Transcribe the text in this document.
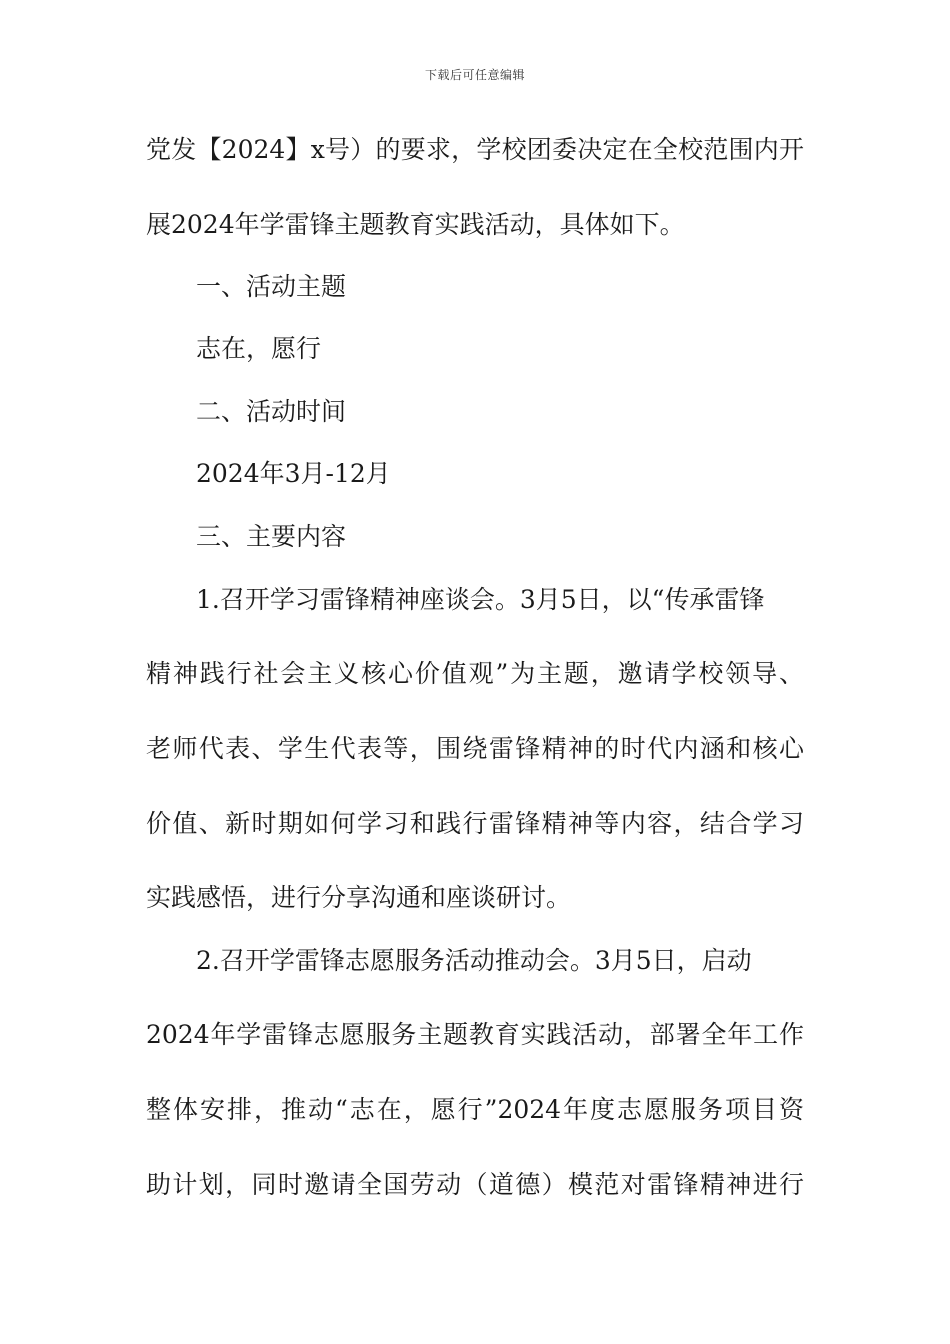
下载后可任意编辑
党发【2024】x号）的要求，学校团委决定在全校范围内开
展2024年学雷锋主题教育实践活动，具体如下。
一、活动主题
志在，愿行
二、活动时间
2024年3月-12月
三、主要内容
1.召开学习雷锋精神座谈会。3月5日，以“传承雷锋
精神践行社会主义核心价值观”为主题，邀请学校领导、
老师代表、学生代表等，围绕雷锋精神的时代内涵和核心
价值、新时期如何学习和践行雷锋精神等内容，结合学习
实践感悟，进行分享沟通和座谈研讨。
2.召开学雷锋志愿服务活动推动会。3月5日，启动
2024年学雷锋志愿服务主题教育实践活动，部署全年工作
整体安排，推动“志在，愿行”2024年度志愿服务项目资
助计划，同时邀请全国劳动（道德）模范对雷锋精神进行
